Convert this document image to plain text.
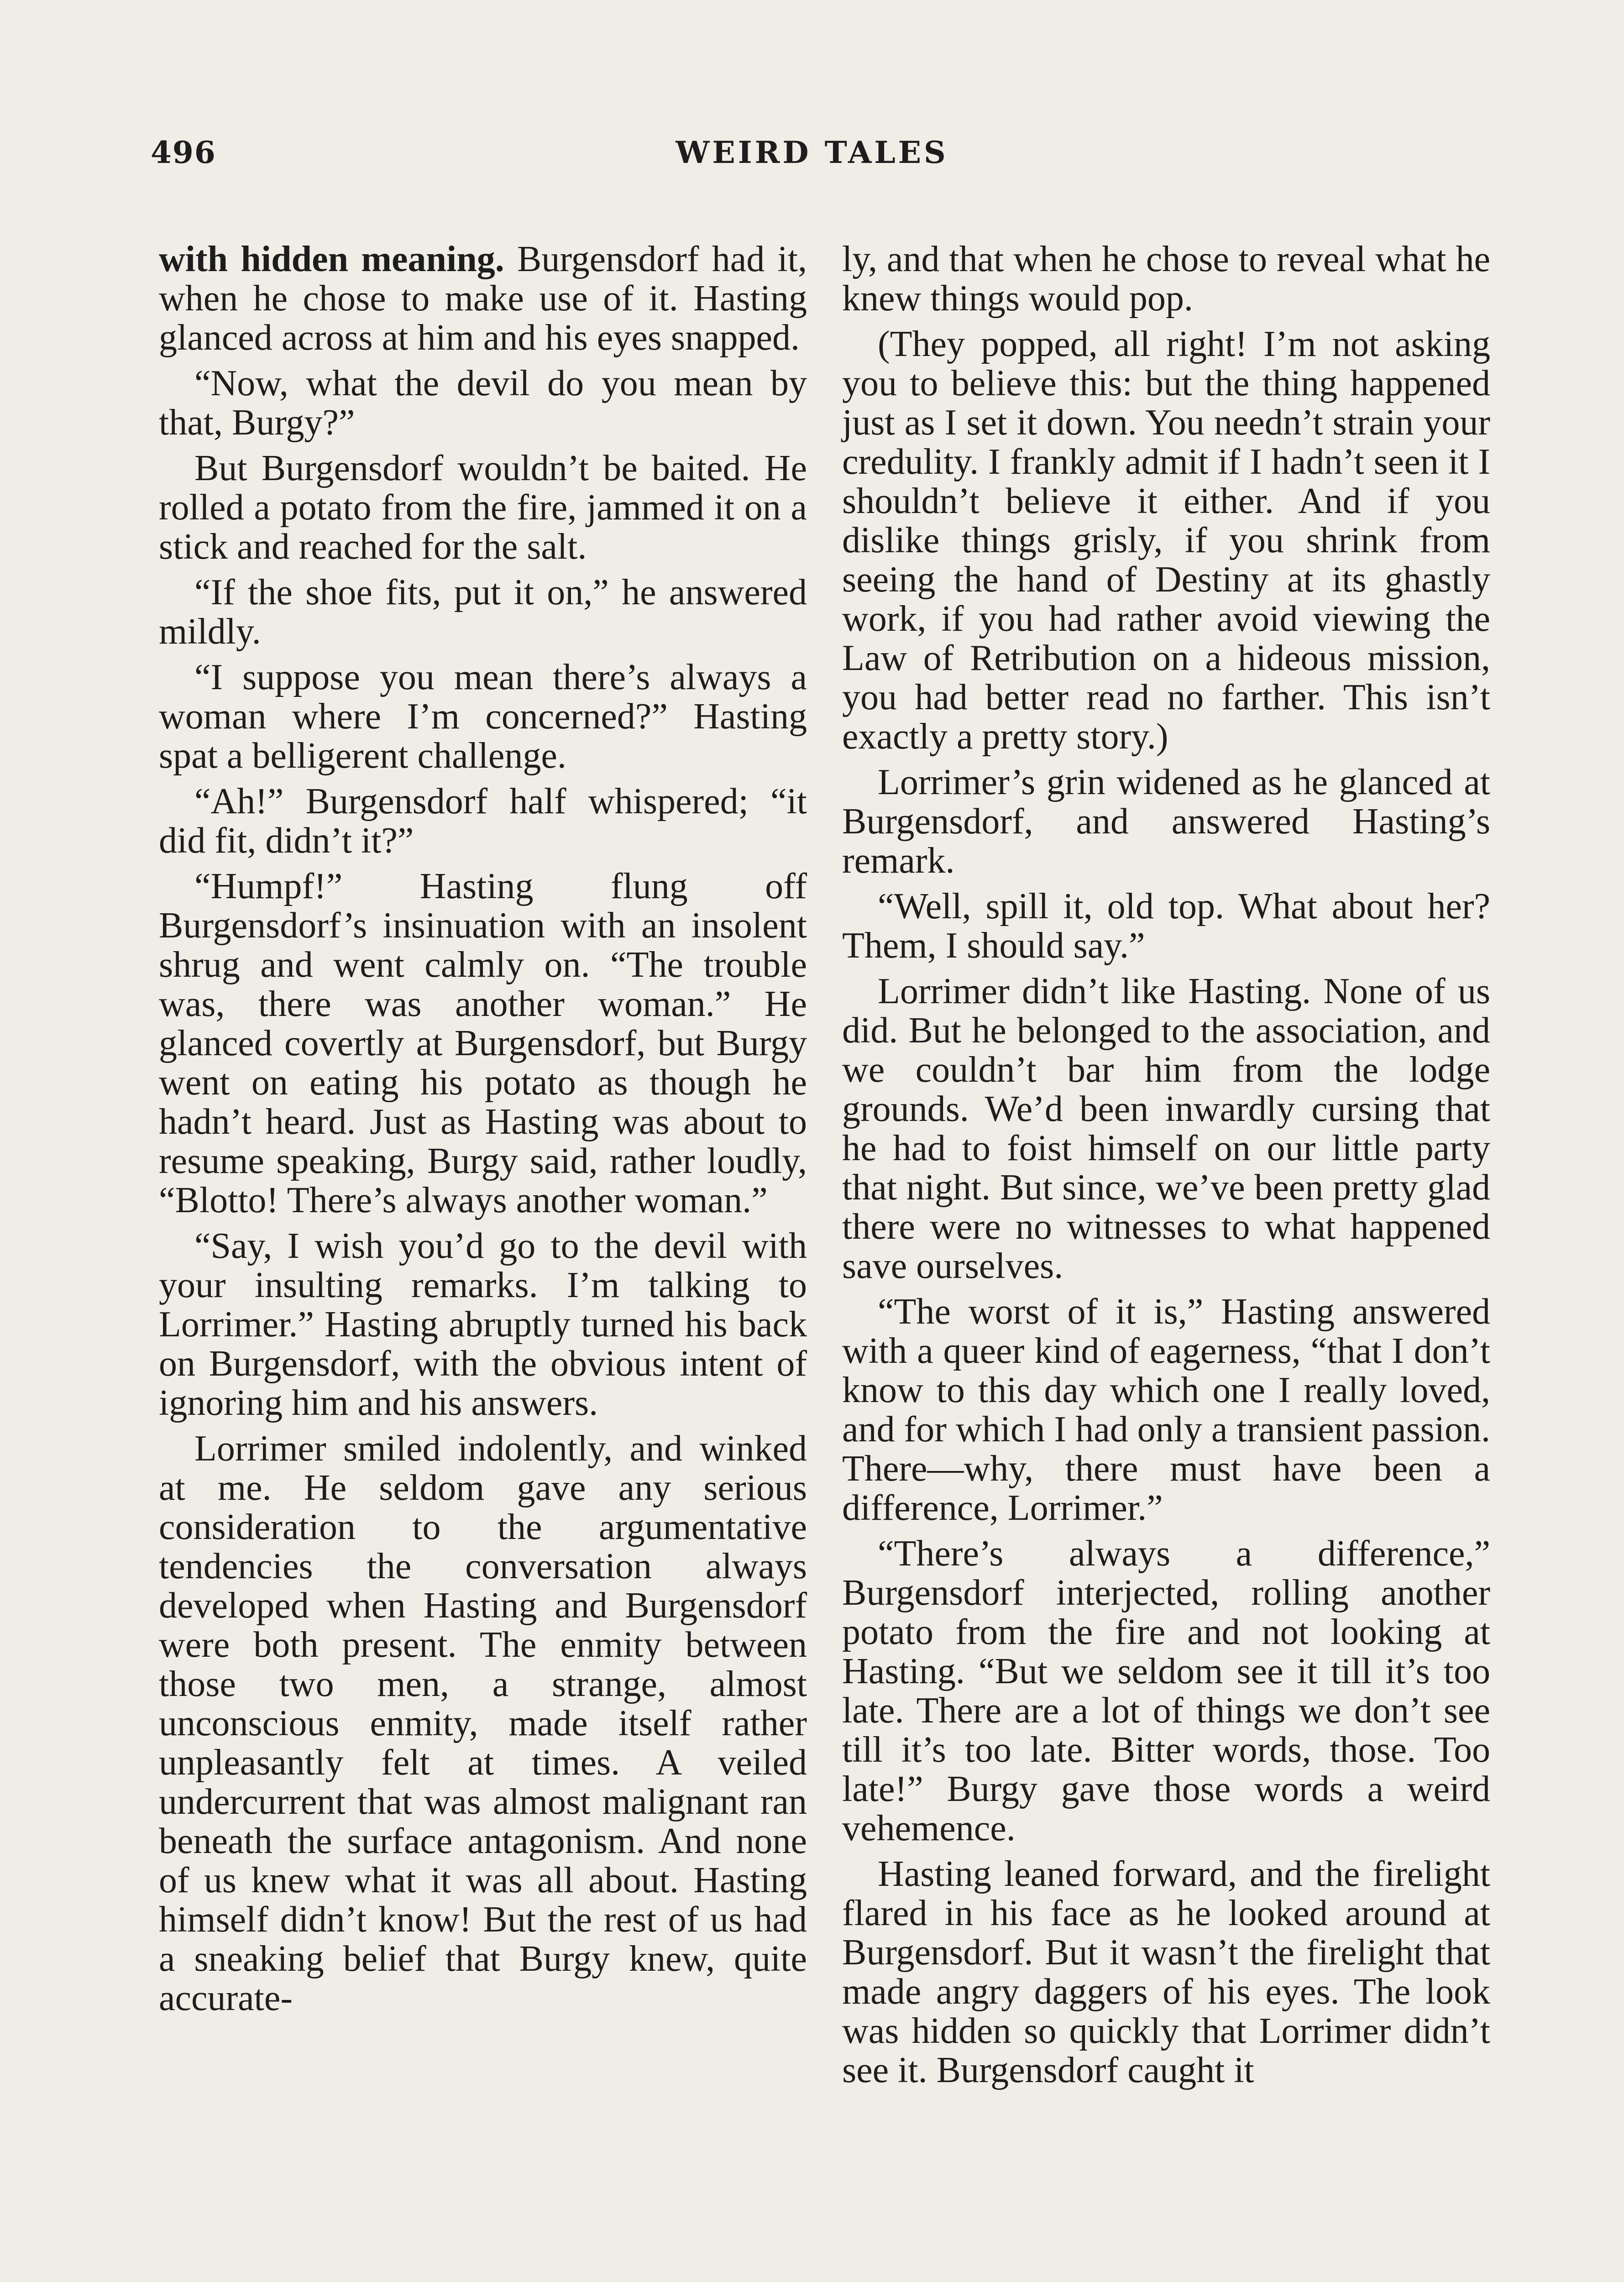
496	WEIRD TALES

with hidden meaning. Burgensdorf had it, when he chose to make use of it. Hasting glanced across at him and his eyes snapped.

“Now, what the devil do you mean by that, Burgy?”

But Burgensdorf wouldn’t be baited. He rolled a potato from the fire, jammed it on a stick and reached for the salt.

“If the shoe fits, put it on,” he answered mildly.

“I suppose you mean there’s always a woman where I’m concerned?” Hasting spat a belligerent challenge.

“Ah!” Burgensdorf half whispered; “it did fit, didn’t it?”

“Humpf!” Hasting flung off Burgensdorf’s insinuation with an insolent shrug and went calmly on. “The trouble was, there was another woman.” He glanced covertly at Burgensdorf, but Burgy went on eating his potato as though he hadn’t heard. Just as Hasting was about to resume speaking, Burgy said, rather loudly, “Blotto! There’s always another woman.”

“Say, I wish you’d go to the devil with your insulting remarks. I’m talking to Lorrimer.” Hasting abruptly turned his back on Burgensdorf, with the obvious intent of ignoring him and his answers.

Lorrimer smiled indolently, and winked at me. He seldom gave any serious consideration to the argumentative tendencies the conversation always developed when Hasting and Burgensdorf were both present. The enmity between those two men, a strange, almost unconscious enmity, made itself rather unpleasantly felt at times. A veiled undercurrent that was almost malignant ran beneath the surface antagonism. And none of us knew what it was all about. Hasting himself didn’t know! But the rest of us had a sneaking belief that Burgy knew, quite accurate-

ly, and that when he chose to reveal what he knew things would pop.

(They popped, all right! I’m not asking you to believe this: but the thing happened just as I set it down. You needn’t strain your credulity. I frankly admit if I hadn’t seen it I shouldn’t believe it either. And if you dislike things grisly, if you shrink from seeing the hand of Destiny at its ghastly work, if you had rather avoid viewing the Law of Retribution on a hideous mission, you had better read no farther. This isn’t exactly a pretty story.)

Lorrimer’s grin widened as he glanced at Burgensdorf, and answered Hasting’s remark.

“Well, spill it, old top. What about her? Them, I should say.”

Lorrimer didn’t like Hasting. None of us did. But he belonged to the association, and we couldn’t bar him from the lodge grounds. We’d been inwardly cursing that he had to foist himself on our little party that night. But since, we’ve been pretty glad there were no witnesses to what happened save ourselves.

“The worst of it is,” Hasting answered with a queer kind of eagerness, “that I don’t know to this day which one I really loved, and for which I had only a transient passion. There—why, there must have been a difference, Lorrimer.”

“There’s always a difference,” Burgensdorf interjected, rolling another potato from the fire and not looking at Hasting. “But we seldom see it till it’s too late. There are a lot of things we don’t see till it’s too late. Bitter words, those. Too late!” Burgy gave those words a weird vehemence.

Hasting leaned forward, and the firelight flared in his face as he looked around at Burgensdorf. But it wasn’t the firelight that made angry daggers of his eyes. The look was hidden so quickly that Lorrimer didn’t see it. Burgensdorf caught it
